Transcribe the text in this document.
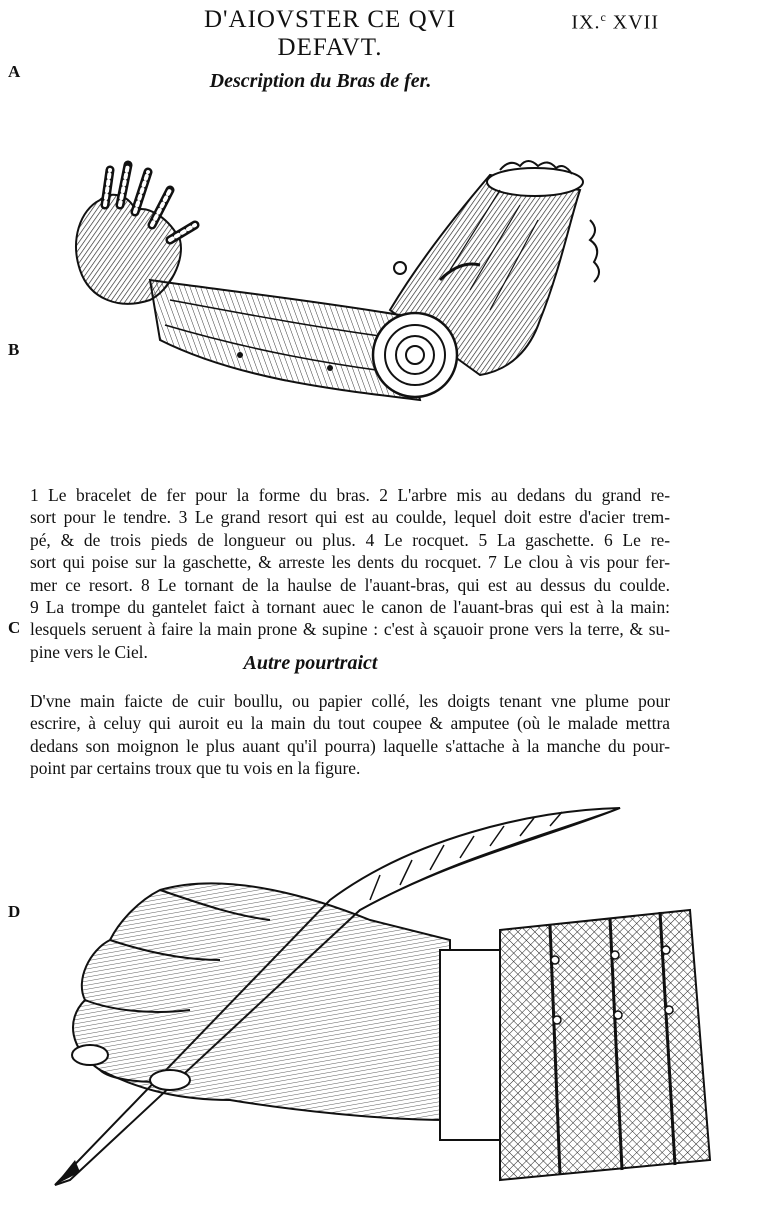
D'AIOVSTER CE QVI DEFAVT.
IX.$^c$ XVII
A
B
C
D
Description du Bras de fer.
1 Le bracelet de fer pour la forme du bras. 2 L'arbre mis au dedans du grand re-
sort pour le tendre. 3 Le grand resort qui est au coulde, lequel doit estre d'acier trem-
pé, & de trois pieds de longueur ou plus. 4 Le rocquet. 5 La gaschette. 6 Le re-
sort qui poise sur la gaschette, & arreste les dents du rocquet. 7 Le clou à vis pour fer-
mer ce resort. 8 Le tornant de la haulse de l'auant-bras, qui est au dessus du coulde.
9 La trompe du gantelet faict à tornant auec le canon de l'auant-bras qui est à la main:
lesquels seruent à faire la main prone & supine : c'est à sçauoir prone vers la terre, & su-
pine vers le Ciel.
Autre pourtraict
D'vne main faicte de cuir boullu, ou papier collé, les doigts tenant vne plume pour
escrire, à celuy qui auroit eu la main du tout coupee & amputee (où le malade mettra
dedans son moignon le plus auant qu'il pourra) laquelle s'attache à la manche du pour-
point par certains troux que tu vois en la figure.
